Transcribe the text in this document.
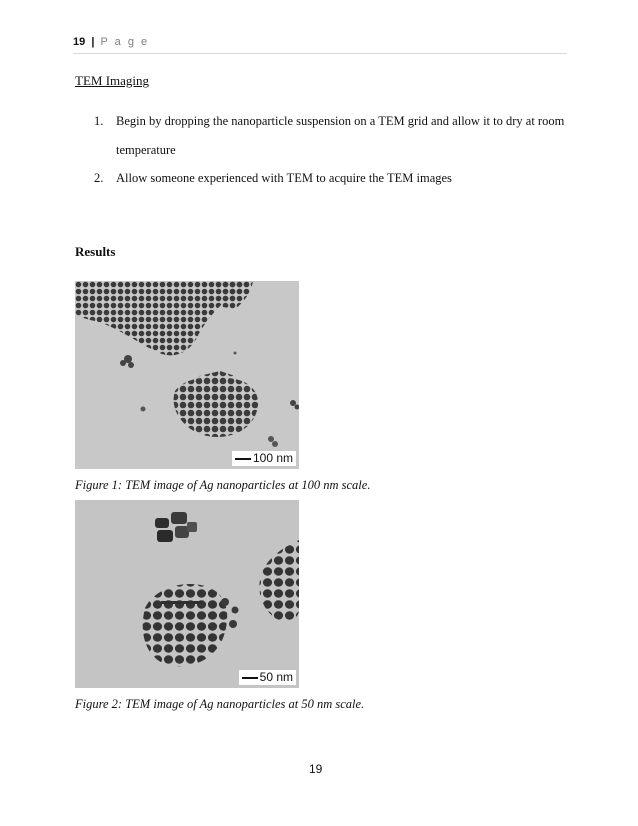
19 | P a g e
TEM Imaging
1. Begin by dropping the nanoparticle suspension on a TEM grid and allow it to dry at room
temperature
2. Allow someone experienced with TEM to acquire the TEM images
Results
100 nm
Figure 1: TEM image of Ag nanoparticles at 100 nm scale.
50 nm
Figure 2: TEM image of Ag nanoparticles at 50 nm scale.
19
